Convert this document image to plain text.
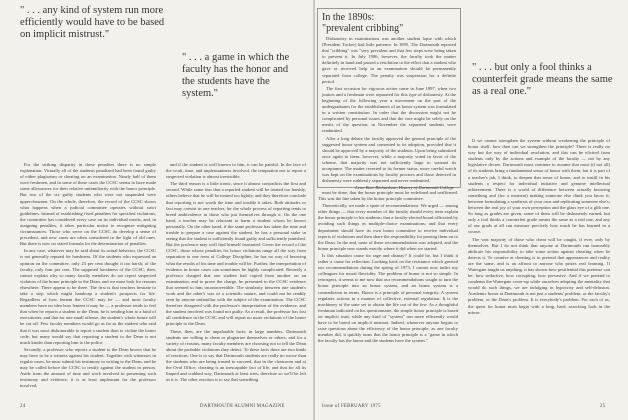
" . . . any kind of system run more efficiently would have to be based on implicit mistrust."
" . . . a game in which the faculty has the honor and the students have the system."
" . . . but only a fool thinks a counterfeit grade means the same as a real one."

For the striking disparity in these penalties there is no simple explanation. Virtually all of the students penalized had been found guilty of either plagiarism or cheating on an examination. Nearly half of them were freshmen, and in some of these cases the CCSC seems to have made some allowances for their relative unfamiliarity with the honor principle. But two of the six guilty students who were not suspended were upperclassmen. On the whole, therefore, the record of the CCSC shows what happens when a judicial committee operates without strict guidelines. Instead of establishing fixed penalties for specified violations, the committee has considered every case on its individual merits, and, in assigning penalties, it takes particular notice to recognize mitigating circumstances. Those who serve on the CCSC do develop a sense of precedent, and new cases are often considered in the light of old ones. But there is now no stated formula for the determination of penalties.

In any case, whatever may be said about its actual behavior, the CCSC is not generally reputed for harshness. Of the students who expressed an opinion on the committee, only 23 per cent thought it too harsh; of the faculty, only four per cent. The supposed harshness of the CCSC, then, cannot explain why so many faculty members do not report suspected violators of the honor principle to the Dean, and we must look for reasons elsewhere. There appear to be three. The first is that teachers hesitate to take a step which might handicap a student's prospects for life. Regardless of how lenient the CCSC may be — and most faculty members have no idea how lenient it may be — a professor tends to feel that when he reports a student to the Dean, he is sending him to a kind of executioner, and that for one small offense, the student's whole future will be cut off. Few faculty members would go as far as the student who said that it was most dishonorable to report a student than to violate the honor code, but many would say that reporting a student to the Dean is not much kinder than reporting him to the police.

Secondly, a professor who reports a student to the Dean knows that he may have to be a witness against his student. Together with witnesses in regular cases, he must submit his testimony in writing to the Dean, and he may be called before the CCSC to testify against the student in person. Aside from the amount of time and work involved in presenting such testimony and evidence, it is at least unpleasant for the professor involved,

and if the student is well known to him, it can be painful. In the face of the work, time, and unpleasantness involved, the temptation not to report a suspected violation is almost irresistible.

The third reason is a little ironic, since it almost contradicts the first and second. While some fear that a reported student will be treated too harshly, others believe that he will be treated too lightly, and they therefore conclude that reporting is not worth the time and trouble it takes. Both attitudes or fact may coexist in one teacher, for the whole process of reporting tends to breed ambivalence in those who put themselves through it. On the one hand, a teacher may be reluctant to harm a student whom he knows personally. On the other hand, if the same professor has taken the time and trouble to prepare a case against the student, he has a personal stake in seeing that the student is sufficiently found guilty and sufficiently punished. But the professor may well find himself frustrated. Given the record of the CCSC, those whose penalties for honor violations range all the way from separation to one term of College Discipline, he has no way of knowing what the results of his time and trouble will be. Further, the interpretation of evidence in honor cases can sometimes be highly complicated. Recently a professor charged that one student had copied from another on an examination, and to prove the charge, he presented to the CCSC evidence that seemed to him incontrovertible. The similarity between one student's work and the other's was of a scientific nature, and could not be readily seen by anyone unfamiliar with the subject of the examination. The CCSC therefore disagreed with the professor's interpretation of the evidence, and the student involved was found not guilty. As a result, the professor has lost all confidence in the CCSC and will report no more violations of the honor principle to the Dean.

These, then, are the unpalatable facts: in large numbers, Dartmouth students are willing to cheat or plagiarize themselves or others, and for a variety of reasons, many faculty members are choosing not to tell the Dean about the probable violations they detect. To these facts there are two kinds of reactions. One is to say that Dartmouth students are really no worse than the students who are being trusted to succeed, that in the classroom and at the Oval Office, cheating is an inescapable fact of life, and that for all its limped and crabbed way, Dartmouth at least tries; therefore so we'll be left as it is. The other reaction is to say that something

In the 1890s:
"prevalent cribbing"

Dishonesty in examinations was another student lapse with which [President Tucker] had little patience. In 1895, The Dartmouth reported that "cribbing" was "very prevalent and that few steps were being taken to prevent it. In July 1986, however, the faculty took the matter definitely in hand and passed a resolution to the effect that a student who gave or received help in an examination should be permanently separated from college. The penalty was suspension for a definite period.

The first occasion for vigorous action came in June 1897, when two juniors and a freshman were separated for this type of dishonesty. At the beginning of the following year a movement on the part of the undergraduates for the establishment of an honor system was formulated in a written constitution. In order that the discussion might not be complicated by personal issues and that the vote might be solely on the merits of the question, in November the separated students were readmitted.

After a long debate the faculty approved the general principle of the suggested honor system and consented to its adoption, provided that it should be approved by a majority of the students. Upon being submitted once again to them, however, while a majority voted in favor of the scheme, that majority was not sufficiently large to warrant its acceptance. The matter reverted to its former status, more careful watch was kept on the examinations by faculty proctors and those detected in dishonesty were ruthlessly separated and never readmitted.

Leon Burr Richardson, History of Dartmouth College

must be done, that the honor principle must be redefined and reaffirmed. This was the line taken by the honor principle committee.

Theoretically, we made a spate of recommendations. We urged — among other things — that every member of the faculty should every term explain the honor principle to his students; that a faculty-elected board officiated by avoiding such things as multiple-choice examinations; and that every department should have its own honor committee to receive individual reports of violations and then share the responsibility for passing them on to the Dean. In the end, none of these recommendations was adopted, and the honor principle now stands exactly where it did when we started.

Is this situation cause for rage and dismay? It could be, but I think it rather a cause for reflection. Looking back on the resistance which greeted our recommendations during the spring of 1973, I cannot now indict my colleagues for moral flaccidity. The problem of honor is not so simple. In retrospect, it seems to me now that our recommendations sought to turn the honor principle into an honor system, and an honor system is a contradiction in terms. Honor is a principle of personal integrity. A system regulates actions in a manner of collective, external regulation. It is the machinery of the state set to obtain the life out of the few. As a thoughtful freshman indicated on his questionnaire, the simple honor principle is based on implicit trust, while any kind of "system" run more efficiently would have to be based on implicit mistrust. Indeed, whenever anyone begins to raise questions about the efficiency of the honor principle, as one faculty member did, it quickly turns that the honor principle is a "game in which the faculty has the honor and the students have the system."

If we cannot strengthen the system without weakening the principle of honor itself, how then can we strengthen the principle? There is really no way but the way of individual resolution, and this can be elicited from students only by the actions and example of the faculty — not by any legislative decree. Dartmouth must continue to assume that most (if not all) of its students bring a fundamental sense of honor with them, but it is part of a teacher's job, I think, to deepen that sense of honor, and to instill in his students a respect for individual initiative and genuine intellectual achievement. There is a world of difference between actually knowing something and (for a moment) making someone else think you know it; between formulating a synthesis of your own and replicating someone else's; between the real joy of your own perception and the glass eye of a glib one. So long as grades are given, some of them will be dishonestly earned, but only a fool thinks a counterfeit grade means the same as a real one, and any of our grads at all can measure precisely how much he has learned in a course.

The vast majority of those who cheat will be caught, if ever, only by themselves. But I do not think that anyone at Dartmouth can honorably abdicate his responsibility to take some action against cheating when he detects it. To connive at cheating is to pretend that appearances and reality are the same, and is an affront to anyone who prizes real learning. If Watergate taught us anything, it has shown how pestilential this pretense can be: how seductive, how corrupting, how pervasive. And if we pretend to condemn the Watergate cover-up while ourselves adopting the mentality that would do such things, we are indulging in hypocrisy and self-delusion. Academic honor at Dartmouth is not just a students' problem, or the faculty's problem, or the Dean's problem. It is everybody's problem. For each of us, the quest for honor must begin with a long, hard, searching look in the mirror.

24	DARTMOUTH ALUMNI MAGAZINE	Issue of FEBRUARY 1975	25
